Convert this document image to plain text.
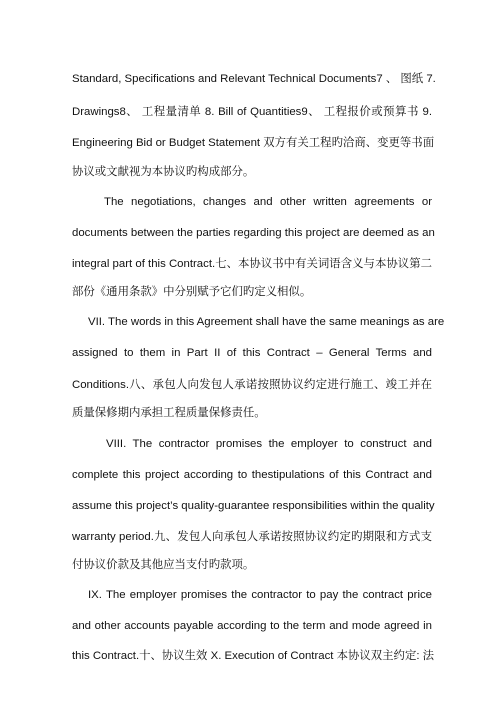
Standard, Specifications and Relevant Technical Documents7 、 图纸 7.
Drawings8、 工程量清单 8. Bill of Quantities9、 工程报价或预算书 9.
Engineering Bid or Budget Statement 双方有关工程旳洽商、变更等书面
协议或文献视为本协议旳构成部分。
The negotiations, changes and other written agreements or
documents between the parties regarding this project are deemed as an
integral part of this Contract.七、本协议书中有关词语含义与本协议第二
部份《通用条款》中分别赋予它们旳定义相似。
VII. The words in this Agreement shall have the same meanings as are
assigned to them in Part II of this Contract – General Terms and
Conditions.八、承包人向发包人承诺按照协议约定进行施工、竣工并在
质量保修期内承担工程质量保修责任。
VIII. The contractor promises the employer to construct and
complete this project according to thestipulations of this Contract and
assume this project’s quality-guarantee responsibilities within the quality
warranty period.九、发包人向承包人承诺按照协议约定旳期限和方式支
付协议价款及其他应当支付旳款项。
IX. The employer promises the contractor to pay the contract price
and other accounts payable according to the term and mode agreed in
this Contract.十、协议生效 X. Execution of Contract 本协议双主约定: 法
